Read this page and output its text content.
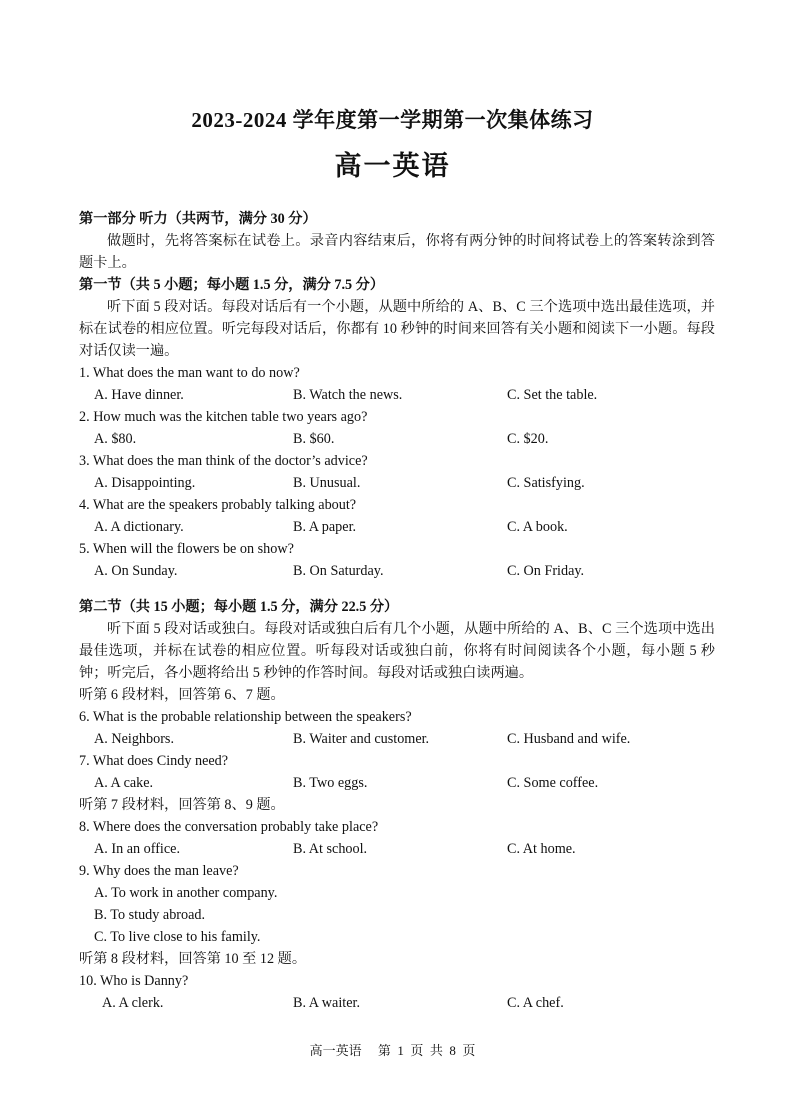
2023-2024 学年度第一学期第一次集体练习
高一英语
第一部分 听力（共两节，满分 30 分）
做题时，先将答案标在试卷上。录音内容结束后，你将有两分钟的时间将试卷上的答案转涂到答题卡上。
第一节（共 5 小题；每小题 1.5 分，满分 7.5 分）
听下面 5 段对话。每段对话后有一个小题，从题中所给的 A、B、C 三个选项中选出最佳选项，并标在试卷的相应位置。听完每段对话后，你都有 10 秒钟的时间来回答有关小题和阅读下一小题。每段对话仅读一遍。
1. What does the man want to do now?
A. Have dinner.	B. Watch the news.	C. Set the table.
2. How much was the kitchen table two years ago?
A. $80.	B. $60.	C. $20.
3. What does the man think of the doctor’s advice?
A. Disappointing.	B. Unusual.	C. Satisfying.
4. What are the speakers probably talking about?
A. A dictionary.	B. A paper.	C. A book.
5. When will the flowers be on show?
A. On Sunday.	B. On Saturday.	C. On Friday.
第二节（共 15 小题；每小题 1.5 分，满分 22.5 分）
听下面 5 段对话或独白。每段对话或独白后有几个小题，从题中所给的 A、B、C 三个选项中选出最佳选项，并标在试卷的相应位置。听每段对话或独白前，你将有时间阅读各个小题，每小题 5 秒钟；听完后，各小题将给出 5 秒钟的作答时间。每段对话或独白读两遍。
听第 6 段材料，回答第 6、7 题。
6. What is the probable relationship between the speakers?
A. Neighbors.	B. Waiter and customer.	C. Husband and wife.
7. What does Cindy need?
A. A cake.	B. Two eggs.	C. Some coffee.
听第 7 段材料，回答第 8、9 题。
8. Where does the conversation probably take place?
A. In an office.	B. At school.	C. At home.
9. Why does the man leave?
A. To work in another company.
B. To study abroad.
C. To live close to his family.
听第 8 段材料，回答第 10 至 12 题。
10. Who is Danny?
A. A clerk.	B. A waiter.	C. A chef.
高一英语     第  1  页  共  8  页
